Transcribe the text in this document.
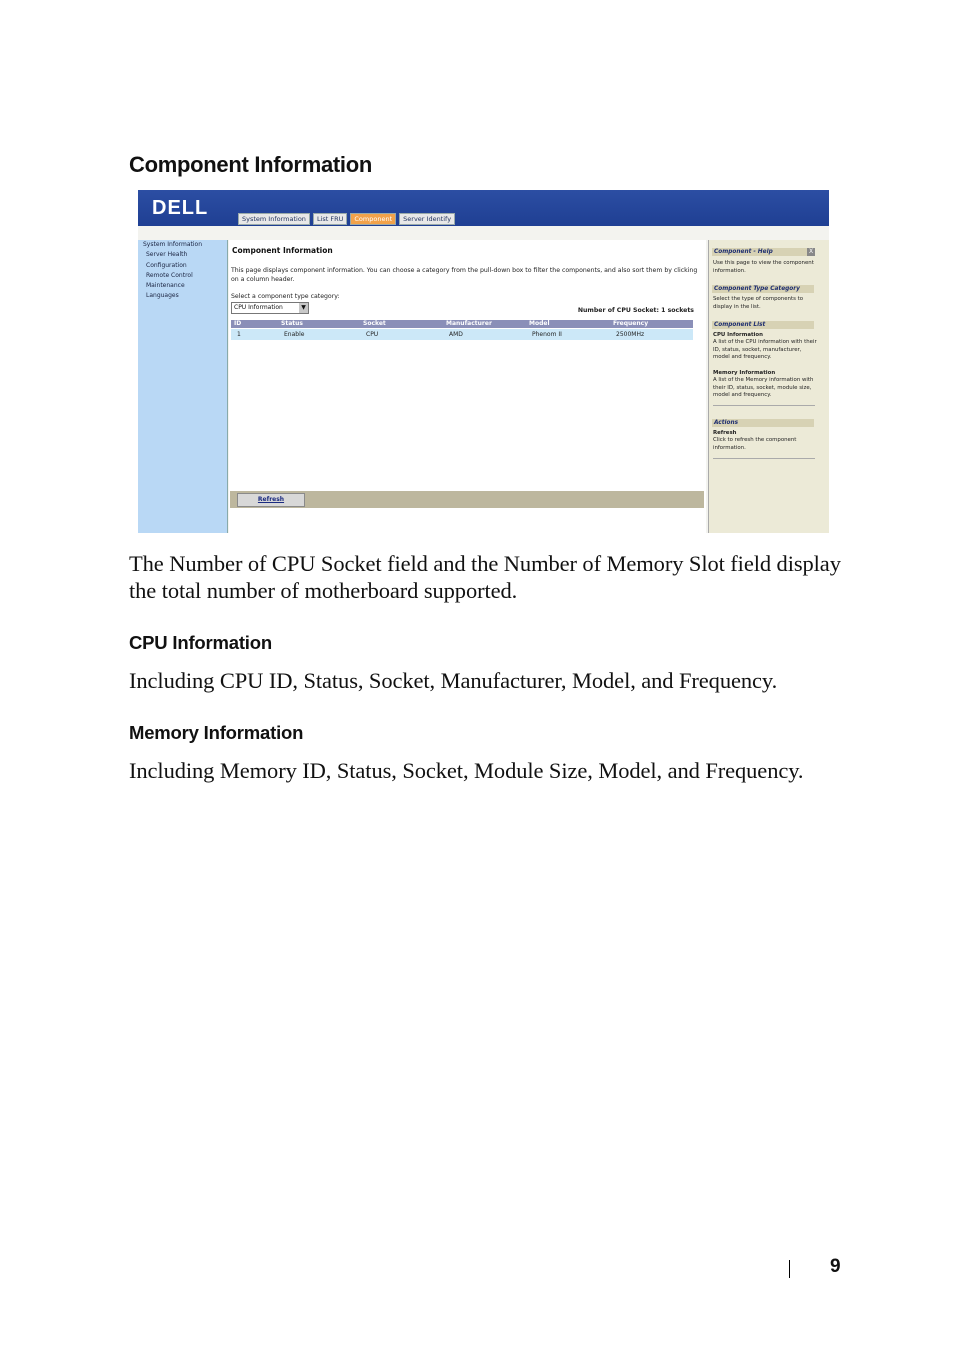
Component Information
DELL	System Information	List FRU	Component	Server Identify
System Information
Server Health
Configuration
Remote Control
Maintenance
Languages
Component Information
This page displays component information. You can choose a category from the pull-down box to filter the components, and also sort them by clicking on a column header.
Select a component type category:
CPU Information	▼	Number of CPU Socket: 1 sockets
ID	Status	Socket	Manufacturer	Model	Frequency
1	Enable	CPU	AMD	Phenom II	2500MHz
Refresh
Component - Help	X
Use this page to view the component information.
Component Type Category
Select the type of components to display in the list.
Component List
CPU Information
A list of the CPU information with their ID, status, socket, manufacturer, model and frequency.
Memory Information
A list of the Memory information with their ID, status, socket, module size, model and frequency.
Actions
Refresh
Click to refresh the component information.
The Number of CPU Socket field and the Number of Memory Slot field display the total number of motherboard supported.
CPU Information
Including CPU ID, Status, Socket, Manufacturer, Model, and Frequency.
Memory Information
Including Memory ID, Status, Socket, Module Size, Model, and Frequency.
9
